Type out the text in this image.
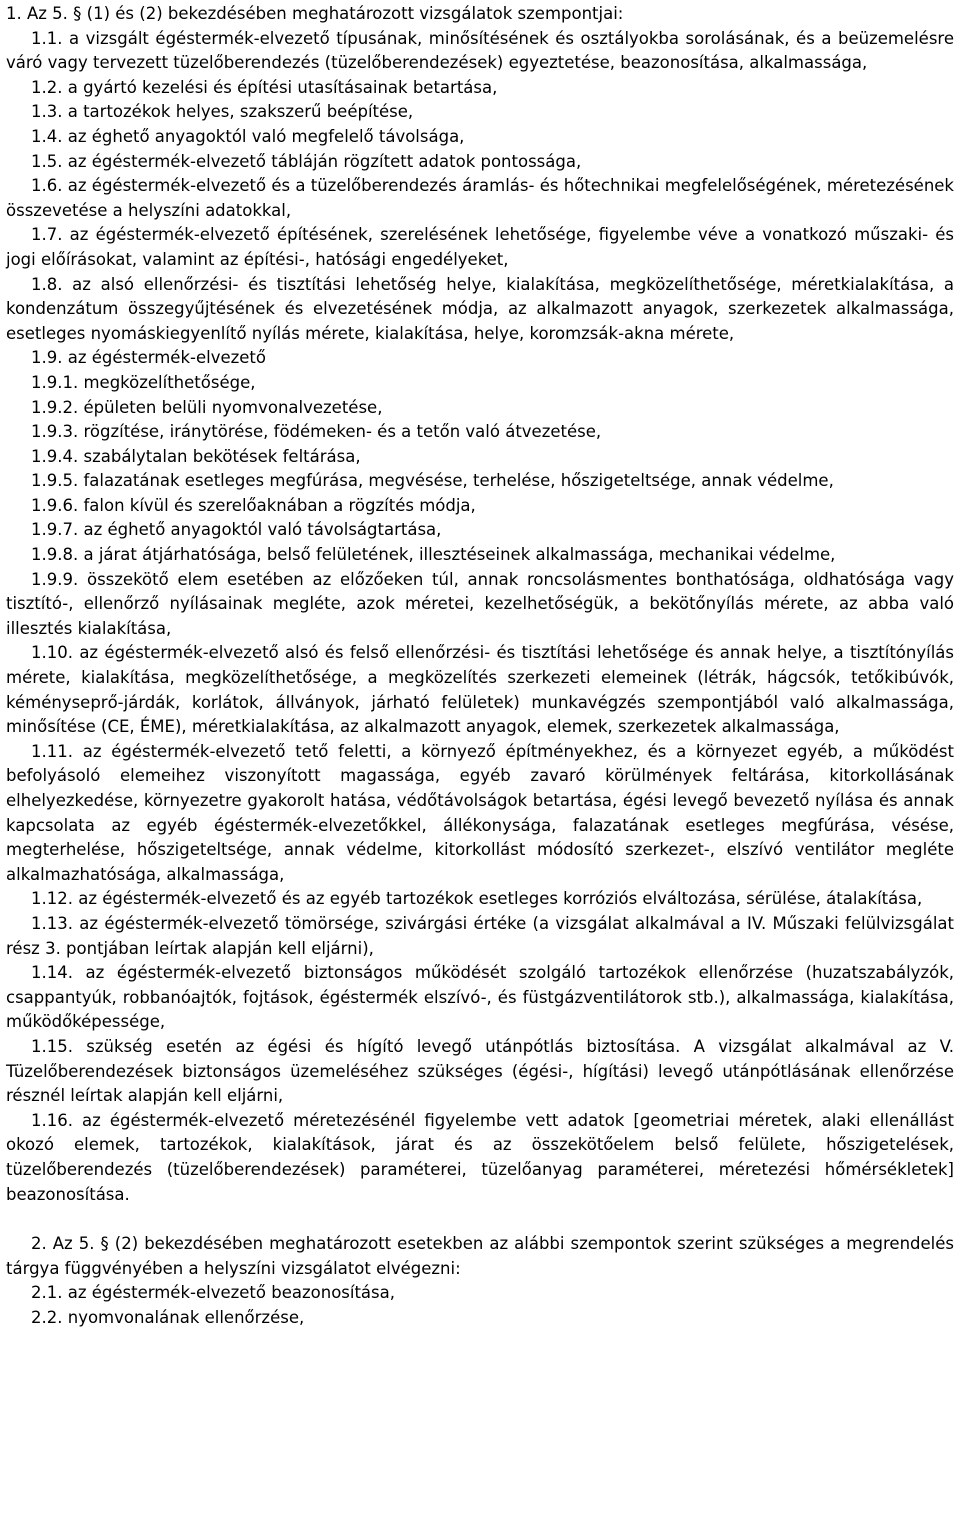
1. Az 5. § (1) és (2) bekezdésében meghatározott vizsgálatok szempontjai:

1.1. a vizsgált égéstermék-elvezető típusának, minősítésének és osztályokba sorolásának, és a beüzemelésre váró vagy tervezett tüzelőberendezés (tüzelőberendezések) egyeztetése, beazonosítása, alkalmassága,

1.2. a gyártó kezelési és építési utasításainak betartása,

1.3. a tartozékok helyes, szakszerű beépítése,

1.4. az éghető anyagoktól való megfelelő távolsága,

1.5. az égéstermék-elvezető tábláján rögzített adatok pontossága,

1.6. az égéstermék-elvezető és a tüzelőberendezés áramlás- és hőtechnikai megfelelőségének, méretezésének összevetése a helyszíni adatokkal,

1.7. az égéstermék-elvezető építésének, szerelésének lehetősége, figyelembe véve a vonatkozó műszaki- és jogi előírásokat, valamint az építési-, hatósági engedélyeket,

1.8. az alsó ellenőrzési- és tisztítási lehetőség helye, kialakítása, megközelíthetősége, méretkialakítása, a kondenzátum összegyűjtésének és elvezetésének módja, az alkalmazott anyagok, szerkezetek alkalmassága, esetleges nyomáskiegyenlítő nyílás mérete, kialakítása, helye, koromzsák-akna mérete,

1.9. az égéstermék-elvezető

1.9.1. megközelíthetősége,

1.9.2. épületen belüli nyomvonalvezetése,

1.9.3. rögzítése, iránytörése, födémeken- és a tetőn való átvezetése,

1.9.4. szabálytalan bekötések feltárása,

1.9.5. falazatának esetleges megfúrása, megvésése, terhelése, hőszigeteltsége, annak védelme,

1.9.6. falon kívül és szerelőaknában a rögzítés módja,

1.9.7. az éghető anyagoktól való távolságtartása,

1.9.8. a járat átjárhatósága, belső felületének, illesztéseinek alkalmassága, mechanikai védelme,

1.9.9. összekötő elem esetében az előzőeken túl, annak roncsolásmentes bonthatósága, oldhatósága vagy tisztító-, ellenőrző nyílásainak megléte, azok méretei, kezelhetőségük, a bekötőnyílás mérete, az abba való illesztés kialakítása,

1.10. az égéstermék-elvezető alsó és felső ellenőrzési- és tisztítási lehetősége és annak helye, a tisztítónyílás mérete, kialakítása, megközelíthetősége, a megközelítés szerkezeti elemeinek (létrák, hágcsók, tetőkibúvók, kéményseprő-járdák, korlátok, állványok, járható felületek) munkavégzés szempontjából való alkalmassága, minősítése (CE, ÉME), méretkialakítása, az alkalmazott anyagok, elemek, szerkezetek alkalmassága,

1.11. az égéstermék-elvezető tető feletti, a környező építményekhez, és a környezet egyéb, a működést befolyásoló elemeihez viszonyított magassága, egyéb zavaró körülmények feltárása, kitorkollásának elhelyezkedése, környezetre gyakorolt hatása, védőtávolságok betartása, égési levegő bevezető nyílása és annak kapcsolata az egyéb égéstermék-elvezetőkkel, állékonysága, falazatának esetleges megfúrása, vésése, megterhelése, hőszigeteltsége, annak védelme, kitorkollást módosító szerkezet-, elszívó ventilátor megléte alkalmazhatósága, alkalmassága,

1.12. az égéstermék-elvezető és az egyéb tartozékok esetleges korróziós elváltozása, sérülése, átalakítása,

1.13. az égéstermék-elvezető tömörsége, szivárgási értéke (a vizsgálat alkalmával a IV. Műszaki felülvizsgálat rész 3. pontjában leírtak alapján kell eljárni),

1.14. az égéstermék-elvezető biztonságos működését szolgáló tartozékok ellenőrzése (huzatszabályzók, csappantyúk, robbanóajtók, fojtások, égéstermék elszívó-, és füstgázventilátorok stb.), alkalmassága, kialakítása, működőképessége,

1.15. szükség esetén az égési és hígító levegő utánpótlás biztosítása. A vizsgálat alkalmával az V. Tüzelőberendezések biztonságos üzemeléséhez szükséges (égési-, hígítási) levegő utánpótlásának ellenőrzése résznél leírtak alapján kell eljárni,

1.16. az égéstermék-elvezető méretezésénél figyelembe vett adatok [geometriai méretek, alaki ellenállást okozó elemek, tartozékok, kialakítások, járat és az összekötőelem belső felülete, hőszigetelések, tüzelőberendezés (tüzelőberendezések) paraméterei, tüzelőanyag paraméterei, méretezési hőmérsékletek] beazonosítása.

2. Az 5. § (2) bekezdésében meghatározott esetekben az alábbi szempontok szerint szükséges a megrendelés tárgya függvényében a helyszíni vizsgálatot elvégezni:

2.1. az égéstermék-elvezető beazonosítása,

2.2. nyomvonalának ellenőrzése,
